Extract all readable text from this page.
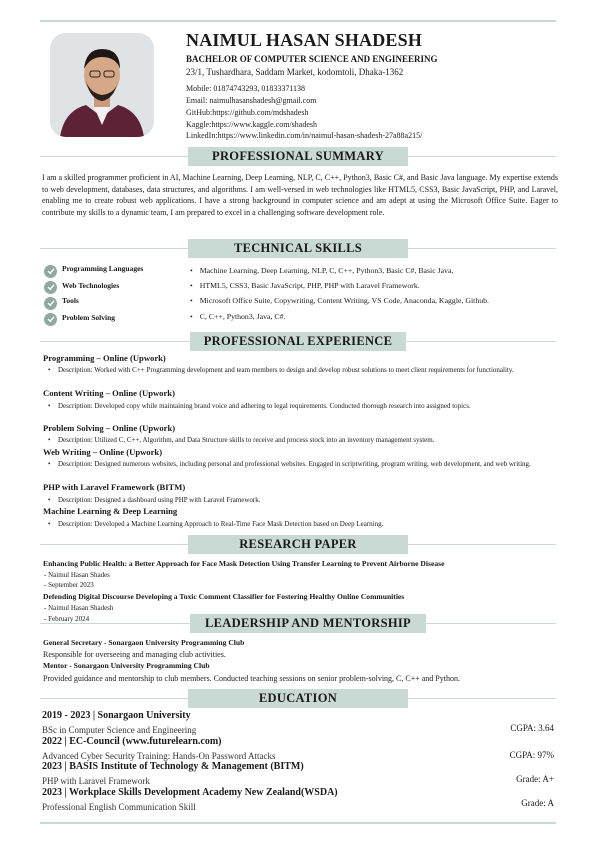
NAIMUL HASAN SHADESH
BACHELOR OF COMPUTER SCIENCE AND ENGINEERING
23/1, Tushardhara, Saddam Market, kodomtoli, Dhaka-1362
Mobile: 01874743293, 01833371138
Email: naimulhasanshadesh@gmail.com
GitHub:https://github.com/mdshadesh
Kaggle:https://www.kaggle.com/shadesh
LinkedIn:https://www.linkedin.com/in/naimul-hasan-shadesh-27a88a215/
PROFESSIONAL SUMMARY
I am a skilled programmer proficient in AI, Machine Learning, Deep Learning, NLP, C, C++, Python3, Basic C#, and Basic Java language. My expertise extends to web development, databases, data structures, and algorithms. I am well-versed in web technologies like HTML5, CSS3, Basic JavaScript, PHP, and Laravel, enabling me to create robust web applications. I have a strong background in computer science and am adept at using the Microsoft Office Suite. Eager to contribute my skills to a dynamic team, I am prepared to excel in a challenging software development role.
TECHNICAL SKILLS
Programming Languages	• Machine Learning, Deep Learning, NLP, C, C++, Python3, Basic C#, Basic Java,
Web Technologies	• HTML5, CSS3, Basic JavaScript, PHP, PHP with Laravel Framework.
Tools	• Microsoft Office Suite, Copywriting, Content Writing, VS Code, Anaconda, Kaggle, Github.
Problem Solving	• C, C++, Python3, Java, C#.
PROFESSIONAL EXPERIENCE
Programming – Online (Upwork)
• Description: Worked with C++ Programming development and team members to design and develop robust solutions to meet client requirements for functionality.
Content Writing – Online (Upwork)
• Description: Developed copy while maintaining brand voice and adhering to legal requirements. Conducted thorough research into assigned topics.
Problem Solving – Online (Upwork)
• Description: Utilized C, C++, Algorithm, and Data Structure skills to receive and process stock into an inventory management system.
Web Writing – Online (Upwork)
• Description: Designed numerous websites, including personal and professional websites. Engaged in scriptwriting, program writing, web development, and web writing.
PHP with Laravel Framework (BITM)
• Description: Designed a dashboard using PHP with Laravel Framework.
Machine Learning & Deep Learning
• Description: Developed a Machine Learning Approach to Real-Time Face Mask Detection based on Deep Learning.
RESEARCH PAPER
Enhancing Public Health: a Better Approach for Face Mask Detection Using Transfer Learning to Prevent Airborne Disease
- Naimul Hasan Shades
- September 2023
Defending Digital Discourse Developing a Toxic Comment Classifier for Fostering Healthy Online Communities
- Naimul Hasan Shadesh
- February 2024	LEADERSHIP AND MENTORSHIP
General Secretary - Sonargaon University Programming Club
Responsible for overseeing and managing club activities.
Mentor - Sonargaon University Programming Club
Provided guidance and mentorship to club members. Conducted teaching sessions on senior problem-solving, C, C++ and Python.
EDUCATION
2019 - 2023 | Sonargaon University
BSc in Computer Science and Engineering	CGPA: 3.64
2022 | EC-Council (www.futurelearn.com)
Advanced Cyber Security Training: Hands-On Password Attacks	CGPA: 97%
2023 | BASIS Institute of Technology & Management (BITM)
PHP with Laravel Framework	Grade: A+
2023 | Workplace Skills Development Academy New Zealand(WSDA)
Professional English Communication Skill	Grade: A
